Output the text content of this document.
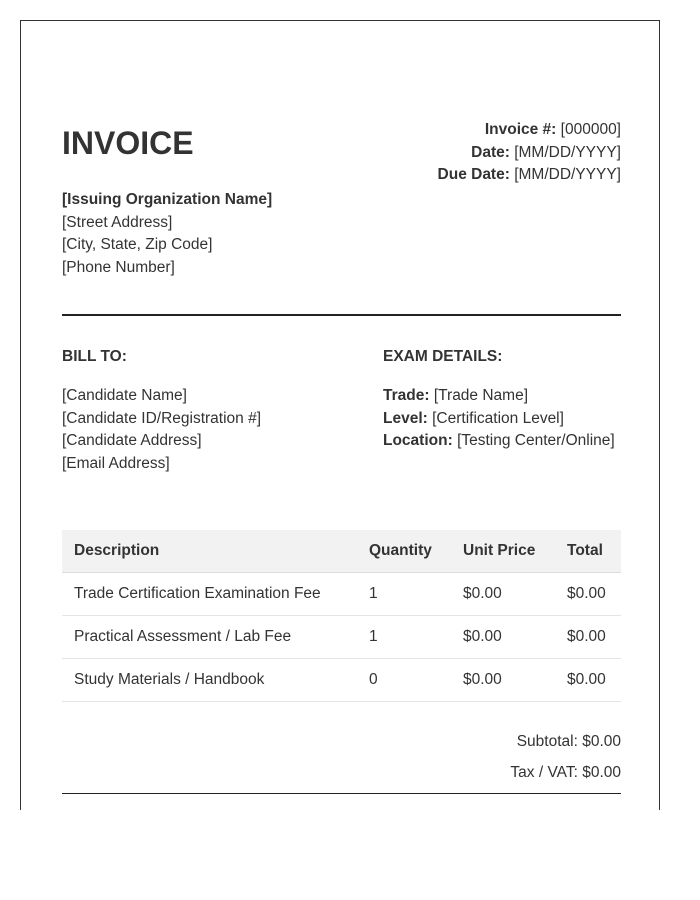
INVOICE	Invoice #: [000000]
Date: [MM/DD/YYYY]
Due Date: [MM/DD/YYYY]
[Issuing Organization Name]
[Street Address]
[City, State, Zip Code]
[Phone Number]
BILL TO:	EXAM DETAILS:
[Candidate Name]
[Candidate ID/Registration #]
[Candidate Address]
[Email Address]
Trade: [Trade Name]
Level: [Certification Level]
Location: [Testing Center/Online]
Description	Quantity	Unit Price	Total
Trade Certification Examination Fee	1	$0.00	$0.00
Practical Assessment / Lab Fee	1	$0.00	$0.00
Study Materials / Handbook	0	$0.00	$0.00
Subtotal: $0.00
Tax / VAT: $0.00
